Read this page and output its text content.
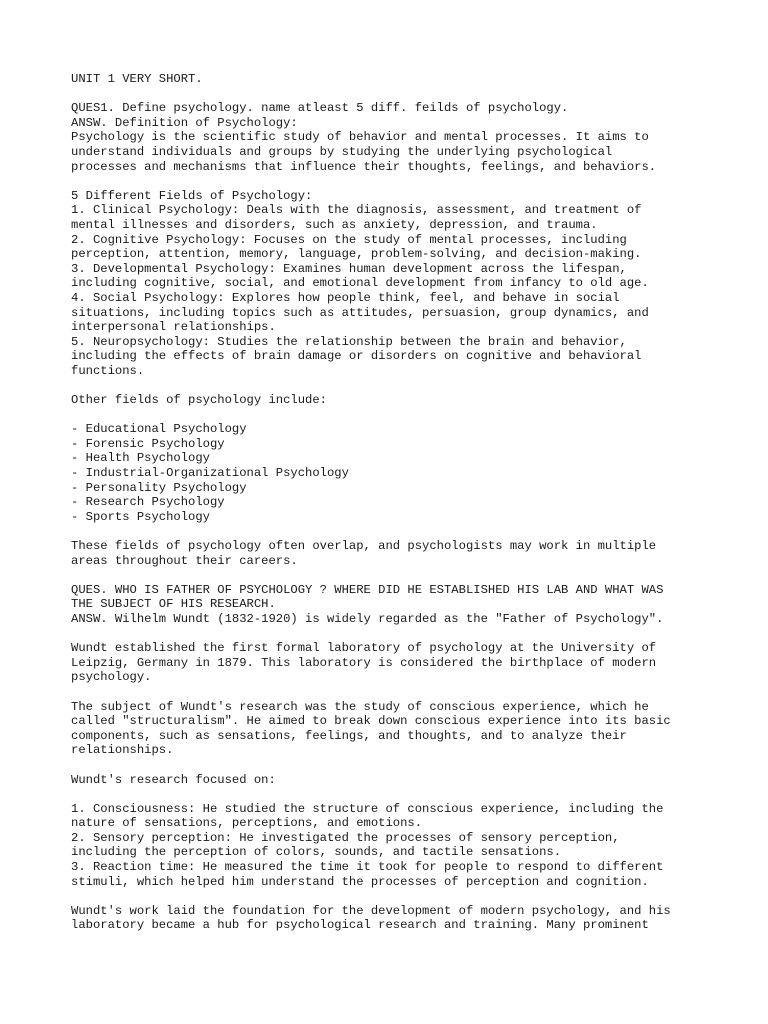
UNIT 1 VERY SHORT.
QUES1. Define psychology. name atleast 5 diff. feilds of psychology.
ANSW. Definition of Psychology:
Psychology is the scientific study of behavior and mental processes. It aims to
understand individuals and groups by studying the underlying psychological
processes and mechanisms that influence their thoughts, feelings, and behaviors.
5 Different Fields of Psychology:
1. Clinical Psychology: Deals with the diagnosis, assessment, and treatment of
mental illnesses and disorders, such as anxiety, depression, and trauma.
2. Cognitive Psychology: Focuses on the study of mental processes, including
perception, attention, memory, language, problem-solving, and decision-making.
3. Developmental Psychology: Examines human development across the lifespan,
including cognitive, social, and emotional development from infancy to old age.
4. Social Psychology: Explores how people think, feel, and behave in social
situations, including topics such as attitudes, persuasion, group dynamics, and
interpersonal relationships.
5. Neuropsychology: Studies the relationship between the brain and behavior,
including the effects of brain damage or disorders on cognitive and behavioral
functions.
Other fields of psychology include:
- Educational Psychology
- Forensic Psychology
- Health Psychology
- Industrial-Organizational Psychology
- Personality Psychology
- Research Psychology
- Sports Psychology
These fields of psychology often overlap, and psychologists may work in multiple
areas throughout their careers.
QUES. WHO IS FATHER OF PSYCHOLOGY ? WHERE DID HE ESTABLISHED HIS LAB AND WHAT WAS
THE SUBJECT OF HIS RESEARCH.
ANSW. Wilhelm Wundt (1832-1920) is widely regarded as the "Father of Psychology".
Wundt established the first formal laboratory of psychology at the University of
Leipzig, Germany in 1879. This laboratory is considered the birthplace of modern
psychology.
The subject of Wundt's research was the study of conscious experience, which he
called "structuralism". He aimed to break down conscious experience into its basic
components, such as sensations, feelings, and thoughts, and to analyze their
relationships.
Wundt's research focused on:
1. Consciousness: He studied the structure of conscious experience, including the
nature of sensations, perceptions, and emotions.
2. Sensory perception: He investigated the processes of sensory perception,
including the perception of colors, sounds, and tactile sensations.
3. Reaction time: He measured the time it took for people to respond to different
stimuli, which helped him understand the processes of perception and cognition.
Wundt's work laid the foundation for the development of modern psychology, and his
laboratory became a hub for psychological research and training. Many prominent
